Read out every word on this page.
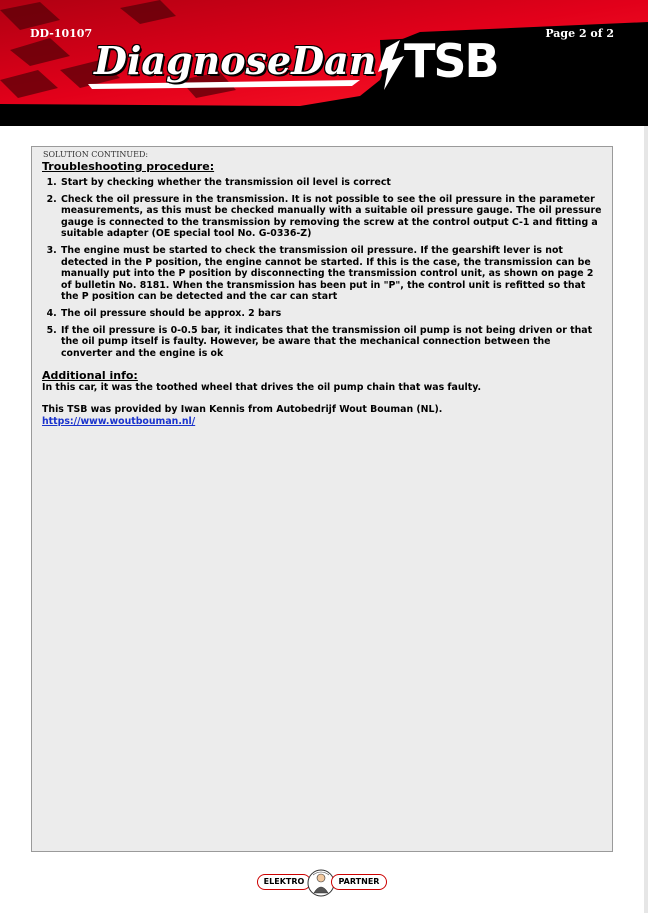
DD-10107	Page 2 of 2
DiagnoseDan TSB
SOLUTION CONTINUED:
Troubleshooting procedure:
1. Start by checking whether the transmission oil level is correct
2. Check the oil pressure in the transmission. It is not possible to see the oil pressure in the parameter measurements, as this must be checked manually with a suitable oil pressure gauge. The oil pressure gauge is connected to the transmission by removing the screw at the control output C-1 and fitting a suitable adapter (OE special tool No. G-0336-Z)
3. The engine must be started to check the transmission oil pressure. If the gearshift lever is not detected in the P position, the engine cannot be started. If this is the case, the transmission can be manually put into the P position by disconnecting the transmission control unit, as shown on page 2 of bulletin No. 8181. When the transmission has been put in "P", the control unit is refitted so that the P position can be detected and the car can start
4. The oil pressure should be approx. 2 bars
5. If the oil pressure is 0-0.5 bar, it indicates that the transmission oil pump is not being driven or that the oil pump itself is faulty. However, be aware that the mechanical connection between the converter and the engine is ok
Additional info:
In this car, it was the toothed wheel that drives the oil pump chain that was faulty.
This TSB was provided by Iwan Kennis from Autobedrijf Wout Bouman (NL).
https://www.woutbouman.nl/
ELEKTRO	PARTNER
